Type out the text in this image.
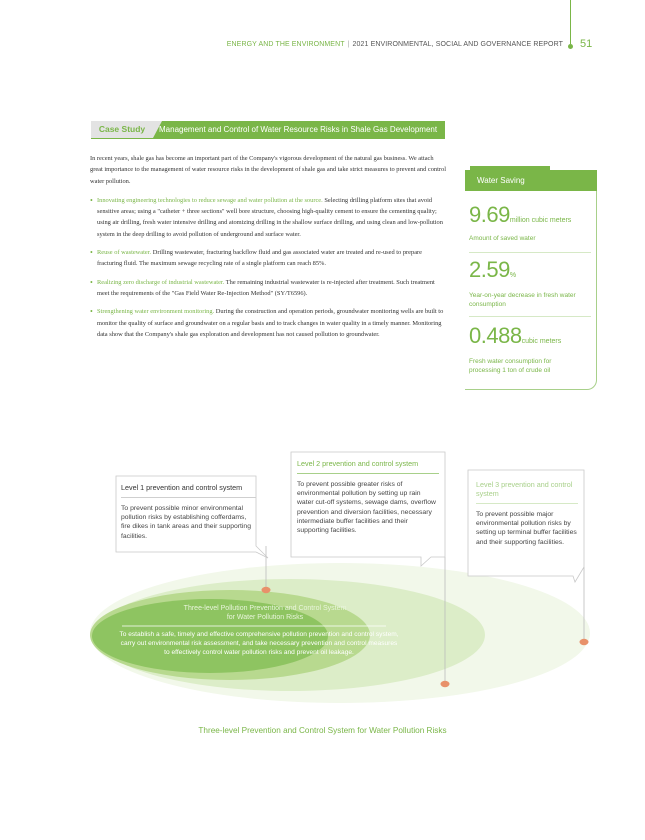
ENERGY AND THE ENVIRONMENT | 2021 ENVIRONMENTAL, SOCIAL AND GOVERNANCE REPORT 51
Case Study	Management and Control of Water Resource Risks in Shale Gas Development

In recent years, shale gas has become an important part of the Company's vigorous development of the natural gas business. We attach great importance to the management of water resource risks in the development of shale gas and take strict measures to prevent and control water pollution.

• Innovating engineering technologies to reduce sewage and water pollution at the source. Selecting drilling platform sites that avoid sensitive areas; using a "catheter + three sections" well bore structure, choosing high-quality cement to ensure the cementing quality; using air drilling, fresh water intensive drilling and atomizing drilling in the shallow surface drilling, and using clean and low-pollution system in the deep drilling to avoid pollution of underground and surface water.

• Reuse of wastewater. Drilling wastewater, fracturing backflow fluid and gas associated water are treated and re-used to prepare fracturing fluid. The maximum sewage recycling rate of a single platform can reach 85%.

• Realizing zero discharge of industrial wastewater. The remaining industrial wastewater is re-injected after treatment. Such treatment meet the requirements of the "Gas Field Water Re-Injection Method" (SY/T6596).

• Strengthening water environment monitoring. During the construction and operation periods, groundwater monitoring wells are built to monitor the quality of surface and groundwater on a regular basis and to track changes in water quality in a timely manner. Monitoring data show that the Company's shale gas exploration and development has not caused pollution to groundwater.

Water Saving
9.69million cubic meters
Amount of saved water
2.59%
Year-on-year decrease in fresh water consumption
0.488cubic meters
Fresh water consumption for processing 1 ton of crude oil
Level 1 prevention and control system
To prevent possible minor environmental pollution risks by establishing cofferdams, fire dikes in tank areas and their supporting facilities.
Level 2 prevention and control system
To prevent possible greater risks of environmental pollution by setting up rain water cut-off systems, sewage dams, overflow prevention and diversion facilities, necessary intermediate buffer facilities and their supporting facilities.
Level 3 prevention and control system
To prevent possible major environmental pollution risks by setting up terminal buffer facilities and their supporting facilities.
Three-level Pollution Prevention and Control System for Water Pollution Risks
To establish a safe, timely and effective comprehensive pollution prevention and control system, carry out environmental risk assessment, and take necessary prevention and control measures to effectively control water pollution risks and prevent oil leakage.
Three-level Prevention and Control System for Water Pollution Risks
